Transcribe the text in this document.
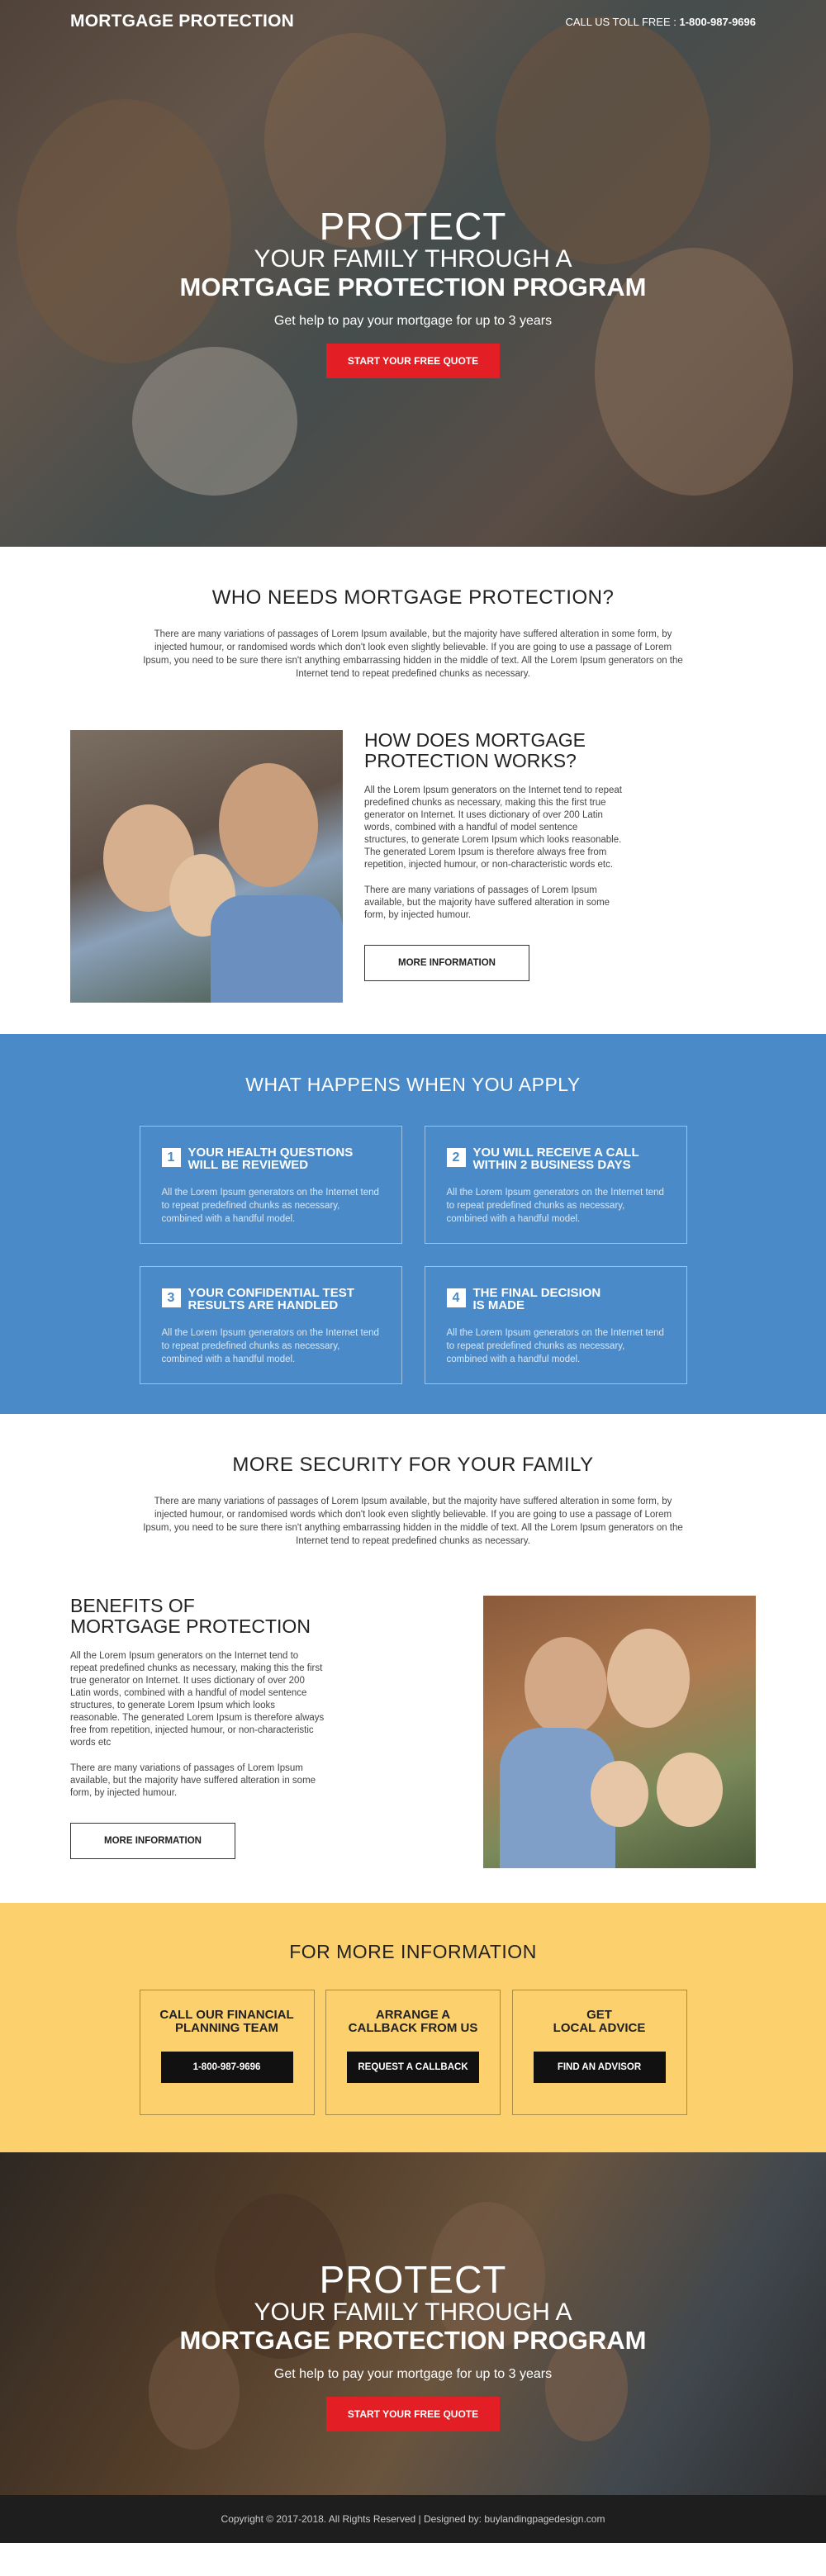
MORTGAGE PROTECTION	CALL US TOLL FREE : 1-800-987-9696
PROTECT
YOUR FAMILY THROUGH A
MORTGAGE PROTECTION PROGRAM
Get help to pay your mortgage for up to 3 years
START YOUR FREE QUOTE
WHO NEEDS MORTGAGE PROTECTION?
There are many variations of passages of Lorem Ipsum available, but the majority have suffered alteration in some form, by injected humour, or randomised words which don't look even slightly believable. If you are going to use a passage of Lorem Ipsum, you need to be sure there isn't anything embarrassing hidden in the middle of text. All the Lorem Ipsum generators on the Internet tend to repeat predefined chunks as necessary.
HOW DOES MORTGAGE
PROTECTION WORKS?

All the Lorem Ipsum generators on the Internet tend to repeat predefined chunks as necessary, making this the first true generator on Internet. It uses dictionary of over 200 Latin words, combined with a handful of model sentence structures, to generate Lorem Ipsum which looks reasonable. The generated Lorem Ipsum is therefore always free from repetition, injected humour, or non-characteristic words etc.

There are many variations of passages of Lorem Ipsum available, but the majority have suffered alteration in some form, by injected humour.

MORE INFORMATION
WHAT HAPPENS WHEN YOU APPLY
1	YOUR HEALTH QUESTIONS
WILL BE REVIEWED

All the Lorem Ipsum generators on the Internet tend to repeat predefined chunks as necessary, combined with a handful model.

2	YOU WILL RECEIVE A CALL
WITHIN 2 BUSINESS DAYS

All the Lorem Ipsum generators on the Internet tend to repeat predefined chunks as necessary, combined with a handful model.

3	YOUR CONFIDENTIAL TEST
RESULTS ARE HANDLED

All the Lorem Ipsum generators on the Internet tend to repeat predefined chunks as necessary, combined with a handful model.

4	THE FINAL DECISION
IS MADE

All the Lorem Ipsum generators on the Internet tend to repeat predefined chunks as necessary, combined with a handful model.

MORE SECURITY FOR YOUR FAMILY
There are many variations of passages of Lorem Ipsum available, but the majority have suffered alteration in some form, by injected humour, or randomised words which don't look even slightly believable. If you are going to use a passage of Lorem Ipsum, you need to be sure there isn't anything embarrassing hidden in the middle of text. All the Lorem Ipsum generators on the Internet tend to repeat predefined chunks as necessary.
BENEFITS OF
MORTGAGE PROTECTION

All the Lorem Ipsum generators on the Internet tend to repeat predefined chunks as necessary, making this the first true generator on Internet. It uses dictionary of over 200 Latin words, combined with a handful of model sentence structures, to generate Lorem Ipsum which looks reasonable. The generated Lorem Ipsum is therefore always free from repetition, injected humour, or non-characteristic words etc

There are many variations of passages of Lorem Ipsum available, but the majority have suffered alteration in some form, by injected humour.

MORE INFORMATION
FOR MORE INFORMATION
CALL OUR FINANCIAL
PLANNING TEAM
1-800-987-9696
ARRANGE A
CALLBACK FROM US
REQUEST A CALLBACK
GET
LOCAL ADVICE
FIND AN ADVISOR
PROTECT
YOUR FAMILY THROUGH A
MORTGAGE PROTECTION PROGRAM
Get help to pay your mortgage for up to 3 years
START YOUR FREE QUOTE
Copyright © 2017-2018. All Rights Reserved | Designed by: buylandingpagedesign.com
